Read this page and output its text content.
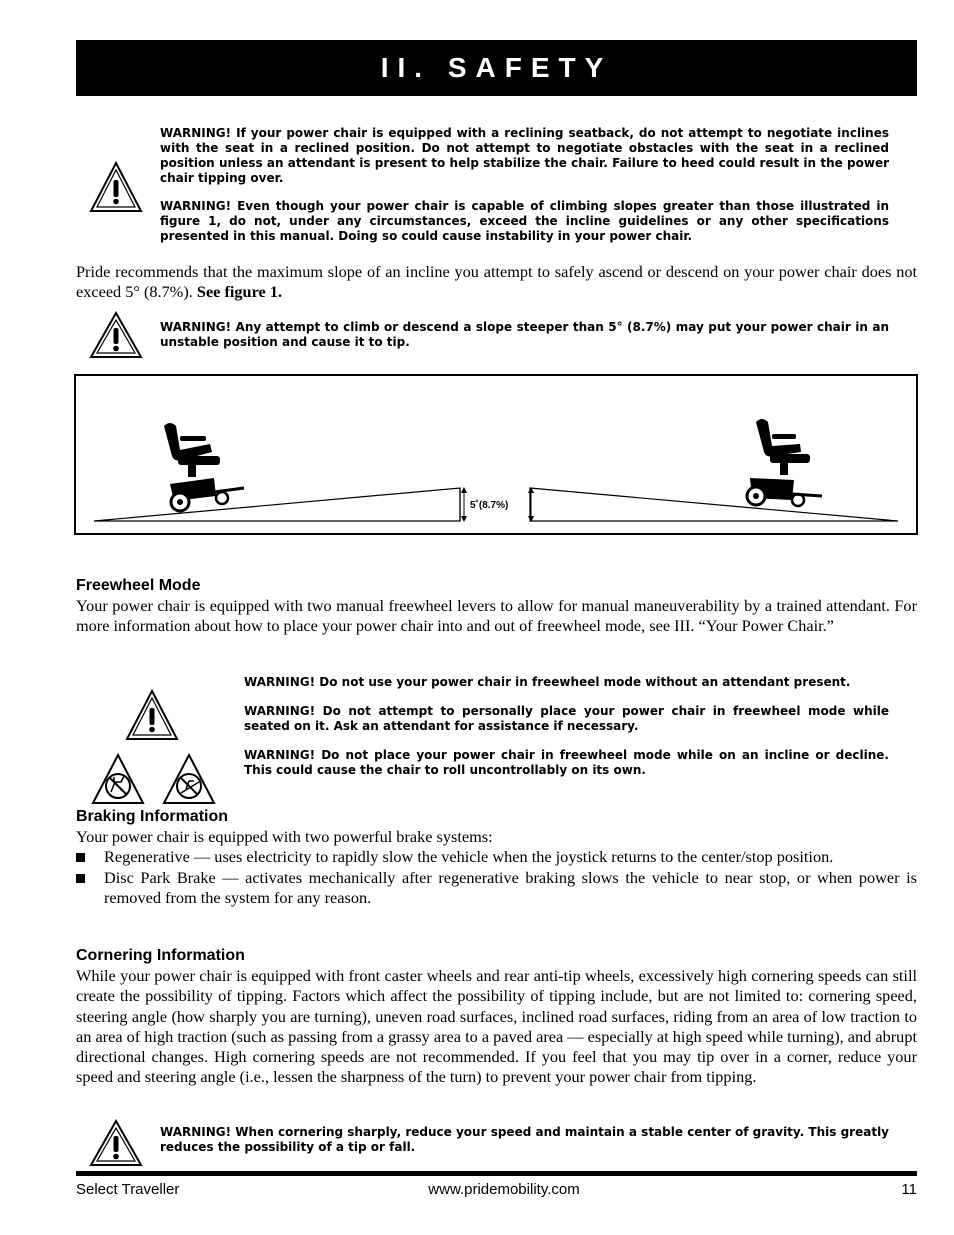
II. SAFETY

WARNING! If your power chair is equipped with a reclining seatback, do not attempt to negotiate inclines with the seat in a reclined position. Do not attempt to negotiate obstacles with the seat in a reclined position unless an attendant is present to help stabilize the chair. Failure to heed could result in the power chair tipping over.

WARNING! Even though your power chair is capable of climbing slopes greater than those illustrated in figure 1, do not, under any circumstances, exceed the incline guidelines or any other specifications presented in this manual. Doing so could cause instability in your power chair.

Pride recommends that the maximum slope of an incline you attempt to safely ascend or descend on your power chair does not exceed 5° (8.7%). See figure 1.

WARNING! Any attempt to climb or descend a slope steeper than 5° (8.7%) may put your power chair in an unstable position and cause it to tip.

5˚(8.7%)

Freewheel Mode

Your power chair is equipped with two manual freewheel levers to allow for manual maneuverability by a trained attendant. For more information about how to place your power chair into and out of freewheel mode, see III. “Your Power Chair.”

WARNING! Do not use your power chair in freewheel mode without an attendant present.

WARNING! Do not attempt to personally place your power chair in freewheel mode while seated on it. Ask an attendant for assistance if necessary.

WARNING! Do not place your power chair in freewheel mode while on an incline or decline. This could cause the chair to roll uncontrollably on its own.

Braking Information

Your power chair is equipped with two powerful brake systems:

Regenerative — uses electricity to rapidly slow the vehicle when the joystick returns to the center/stop position.

Disc Park Brake — activates mechanically after regenerative braking slows the vehicle to near stop, or when power is removed from the system for any reason.

Cornering Information

While your power chair is equipped with front caster wheels and rear anti-tip wheels, excessively high cornering speeds can still create the possibility of tipping. Factors which affect the possibility of tipping include, but are not limited to: cornering speed, steering angle (how sharply you are turning), uneven road surfaces, inclined road surfaces, riding from an area of low traction to an area of high traction (such as passing from a grassy area to a paved area — especially at high speed while turning), and abrupt directional changes. High cornering speeds are not recommended. If you feel that you may tip over in a corner, reduce your speed and steering angle (i.e., lessen the sharpness of the turn) to prevent your power chair from tipping.

WARNING! When cornering sharply, reduce your speed and maintain a stable center of gravity. This greatly reduces the possibility of a tip or fall.

Select Traveller	www.pridemobility.com	11
